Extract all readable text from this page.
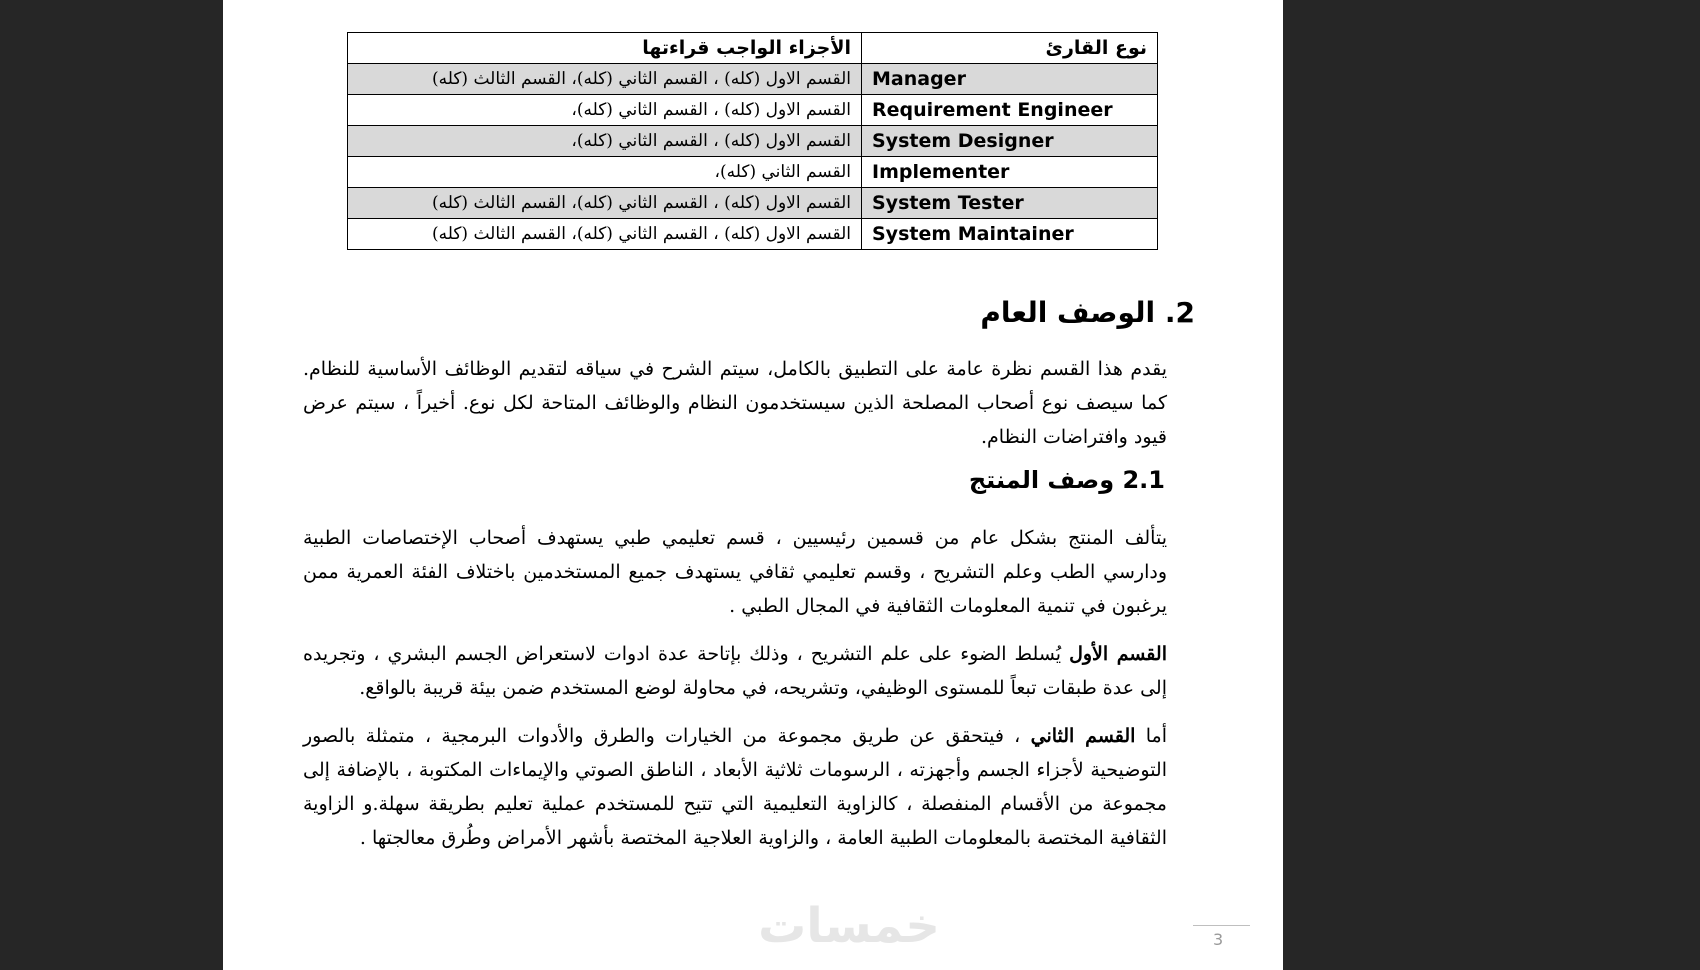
نوع القارئ	الأجزاء الواجب قراءتها
Manager	القسم الاول (كله) ، القسم الثاني (كله)، القسم الثالث (كله)
Requirement Engineer	القسم الاول (كله) ، القسم الثاني (كله)،
System Designer	القسم الاول (كله) ، القسم الثاني (كله)،
Implementer	القسم الثاني (كله)،
System Tester	القسم الاول (كله) ، القسم الثاني (كله)، القسم الثالث (كله)
System Maintainer	القسم الاول (كله) ، القسم الثاني (كله)، القسم الثالث (كله)
2. الوصف العام
يقدم هذا القسم نظرة عامة على التطبيق بالكامل، سيتم الشرح في سياقه لتقديم الوظائف الأساسية للنظام. كما سيصف نوع أصحاب المصلحة الذين سيستخدمون النظام والوظائف المتاحة لكل نوع. أخيراً ، سيتم عرض قيود وافتراضات النظام.
2.1 وصف المنتج
يتألف المنتج بشكل عام من قسمين رئيسيين ، قسم تعليمي طبي يستهدف أصحاب الإختصاصات الطبية ودارسي الطب وعلم التشريح ، وقسم تعليمي ثقافي يستهدف جميع المستخدمين باختلاف الفئة العمرية ممن يرغبون في تنمية المعلومات الثقافية في المجال الطبي .
القسم الأول يُسلط الضوء على علم التشريح ، وذلك بإتاحة عدة ادوات لاستعراض الجسم البشري ، وتجريده إلى عدة طبقات تبعاً للمستوى الوظيفي، وتشريحه، في محاولة لوضع المستخدم ضمن بيئة قريبة بالواقع.
أما القسم الثاني ، فيتحقق عن طريق مجموعة من الخيارات والطرق والأدوات البرمجية ، متمثلة بالصور التوضيحية لأجزاء الجسم وأجهزته ، الرسومات ثلاثية الأبعاد ، الناطق الصوتي والإيماءات المكتوبة ، بالإضافة إلى مجموعة من الأقسام المنفصلة ، كالزاوية التعليمية التي تتيح للمستخدم عملية تعليم بطريقة سهلة.و الزاوية الثقافية المختصة بالمعلومات الطبية العامة ، والزاوية العلاجية المختصة بأشهر الأمراض وطُرق معالجتها .
خمسات	3
